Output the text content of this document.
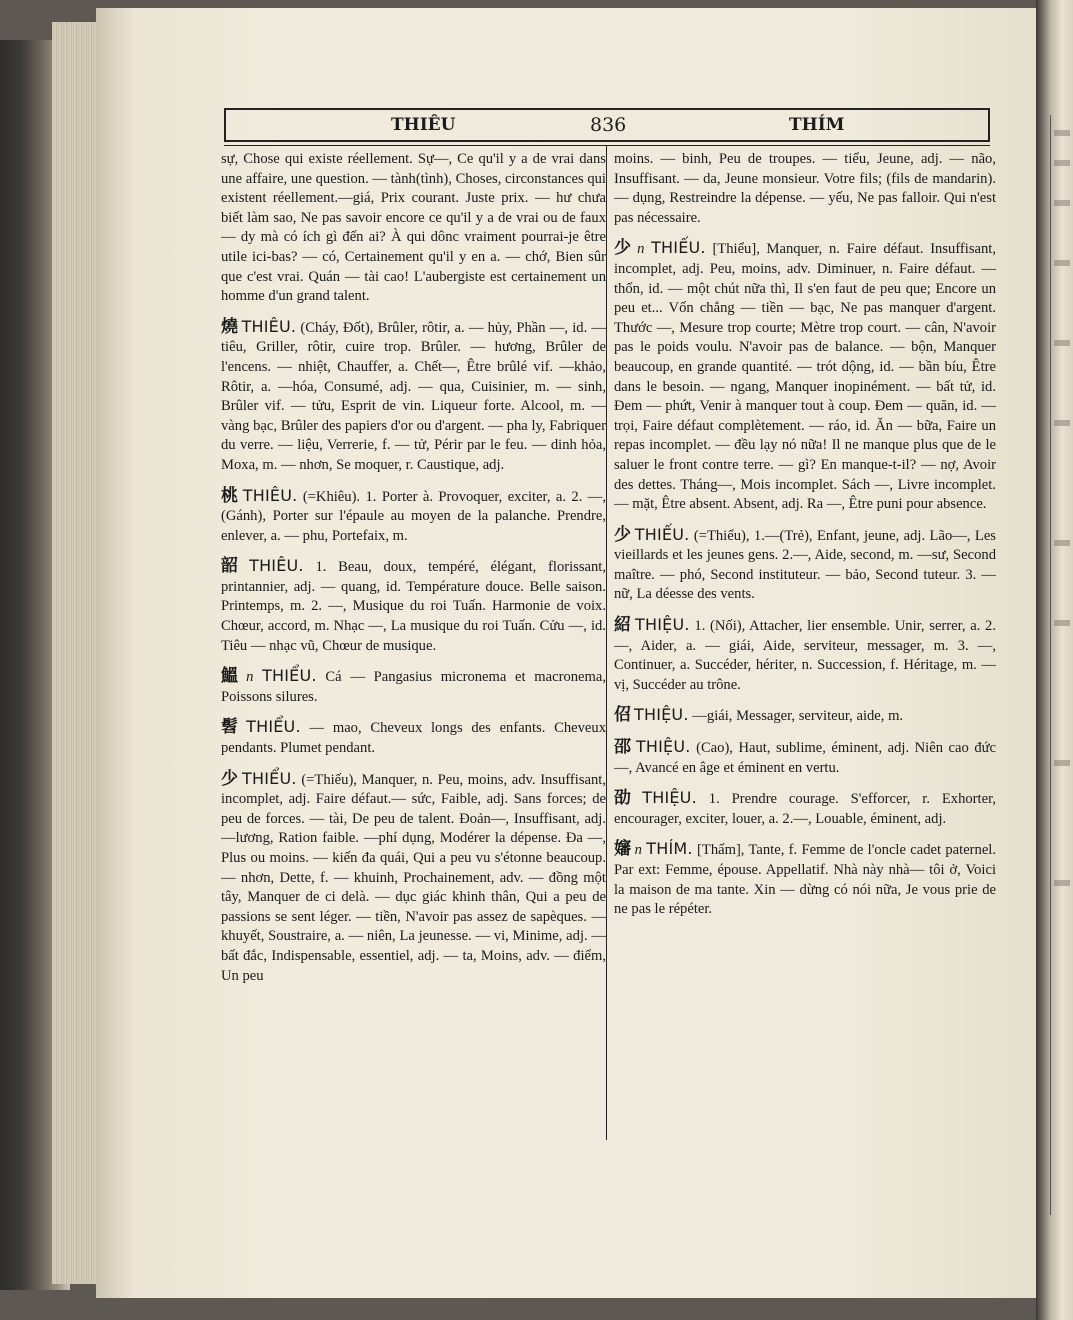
THIÊU	836	THÍM

sự, Chose qui existe réellement. Sự—, Ce qu'il y a de vrai dans une affaire, une question. — tành(tình), Choses, circonstances qui existent réellement.—giá, Prix courant. Juste prix. — hư chưa biết làm sao, Ne pas savoir encore ce qu'il y a de vrai ou de faux — dy mà có ích gì đến ai? À qui dônc vraiment pourrai-je être utile ici-bas? — có, Certainement qu'il y en a. — chớ, Bien sûr que c'est vrai. Quán — tài cao! L'aubergiste est certainement un homme d'un grand talent.

燒 THIÊU. (Cháy, Đốt), Brûler, rôtir, a. — hủy, Phần —, id. — tiêu, Griller, rôtir, cuire trop. Brûler. — hương, Brûler de l'encens. — nhiệt, Chauffer, a. Chết—, Être brûlé vif. —khảo, Rôtir, a. —hóa, Consumé, adj. — qua, Cuisinier, m. — sinh, Brûler vif. — tửu, Esprit de vin. Liqueur forte. Alcool, m. — vàng bạc, Brûler des papiers d'or ou d'argent. — pha ly, Fabriquer du verre. — liệu, Verrerie, f. — tử, Périr par le feu. — dinh hỏa, Moxa, m. — nhơn, Se moquer, r. Caustique, adj.

桃 THIÊU. (=Khiêu). 1. Porter à. Provoquer, exciter, a. 2. —, (Gánh), Porter sur l'épaule au moyen de la palanche. Prendre, enlever, a. — phu, Portefaix, m.

韶 THIÊU. 1. Beau, doux, tempéré, élégant, florissant, printannier, adj. — quang, id. Température douce. Belle saison. Printemps, m. 2. —, Musique du roi Tuấn. Harmonie de voix. Chœur, accord, m. Nhạc —, La musique du roi Tuấn. Cửu —, id. Tiêu — nhạc vũ, Chœur de musique.

鰮 n THIỂU. Cá — Pangasius micronema et macronema, Poissons silures.

髫 THIỂU. — mao, Cheveux longs des enfants. Cheveux pendants. Plumet pendant.

少 THIỂU. (=Thiếu), Manquer, n. Peu, moins, adv. Insuffisant, incomplet, adj. Faire défaut.— sức, Faible, adj. Sans forces; de peu de forces. — tài, De peu de talent. Đoản—, Insuffisant, adj. —lương, Ration faible. —phí dụng, Modérer la dépense. Đa —, Plus ou moins. — kiến đa quái, Qui a peu vu s'étonne beaucoup. — nhơn, Dette, f. — khuinh, Prochainement, adv. — đồng một tây, Manquer de ci delà. — dục giác khinh thân, Qui a peu de passions se sent léger. — tiền, N'avoir pas assez de sapèques. — khuyết, Soustraire, a. — niên, La jeunesse. — vi, Minime, adj. —bất đắc, Indispensable, essentiel, adj. — ta, Moins, adv. — điểm, Un peu

moins. — binh, Peu de troupes. — tiểu, Jeune, adj. — não, Insuffisant. — da, Jeune monsieur. Votre fils; (fils de mandarin). — dụng, Restreindre la dépense. — yếu, Ne pas falloir. Qui n'est pas nécessaire.

少 n THIẾU. [Thiểu], Manquer, n. Faire défaut. Insuffisant, incomplet, adj. Peu, moins, adv. Diminuer, n. Faire défaut. — thốn, id. — một chút nữa thì, Il s'en faut de peu que; Encore un peu et... Vốn chẳng — tiền — bạc, Ne pas manquer d'argent. Thước —, Mesure trop courte; Mètre trop court. — cân, N'avoir pas le poids voulu. N'avoir pas de balance. — bộn, Manquer beaucoup, en grande quantité. — trót dộng, id. — bần bíu, Être dans le besoin. — ngang, Manquer inopinément. — bất tử, id. Đem — phứt, Venir à manquer tout à coup. Đem — quăn, id. — trọi, Faire défaut complètement. — ráo, id. Ăn — bữa, Faire un repas incomplet. — đều lạy nó nữa! Il ne manque plus que de le saluer le front contre terre. — gì? En manque-t-il? — nợ, Avoir des dettes. Tháng—, Mois incomplet. Sách —, Livre incomplet. — mặt, Être absent. Absent, adj. Ra —, Être puni pour absence.

少 THIẾU. (=Thiểu), 1.—(Trẻ), Enfant, jeune, adj. Lão—, Les vieillards et les jeunes gens. 2.—, Aide, second, m. —sư, Second maître. — phó, Second instituteur. — bảo, Second tuteur. 3. — nữ, La déesse des vents.

紹 THIỆU. 1. (Nối), Attacher, lier ensemble. Unir, serrer, a. 2. —, Aider, a. — giái, Aide, serviteur, messager, m. 3. —, Continuer, a. Succéder, hériter, n. Succession, f. Héritage, m. — vị, Succéder au trône.

佋 THIỆU. —giái, Messager, serviteur, aide, m.

邵 THIỆU. (Cao), Haut, sublime, éminent, adj. Niên cao đức—, Avancé en âge et éminent en vertu.

劭 THIỆU. 1. Prendre courage. S'efforcer, r. Exhorter, encourager, exciter, louer, a. 2.—, Louable, éminent, adj.

嬸 n THÍM. [Thẩm], Tante, f. Femme de l'oncle cadet paternel. Par ext: Femme, épouse. Appellatif. Nhà này nhà— tôi ở, Voici la maison de ma tante. Xin — dừng có nói nữa, Je vous prie de ne pas le répéter.
